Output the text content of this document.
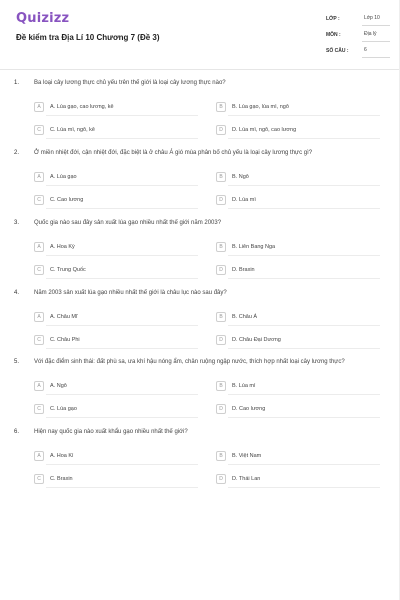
Quizizz
Đề kiểm tra Địa Lí 10 Chương 7 (Đề 3)
LỚP :	Lớp 10
MÔN :	Địa lý
SỐ CÂU :	6
1. Ba loại cây lương thực chủ yếu trên thế giới là loại cây lương thực nào?
A	A. Lúa gạo, cao lương, kê	B	B. Lúa gạo, lúa mì, ngô
C	C. Lúa mì, ngô, kê	D	D. Lúa mì, ngô, cao lương
2. Ở miền nhiệt đới, cận nhiệt đới, đặc biệt là ở châu Á gió mùa phân bố chủ yếu là loại cây lương thực gì?
A	A. Lúa gạo	B	B. Ngô
C	C. Cao lương	D	D. Lúa mì
3. Quốc gia nào sau đây sản xuất lúa gạo nhiều nhất thế giới năm 2003?
A	A. Hoa Kỳ	B	B. Liên Bang Nga
C	C. Trung Quốc	D	D. Braxin
4. Năm 2003 sản xuất lúa gạo nhiều nhất thế giới là châu lục nào sau đây?
A	A. Châu Mĩ	B	B. Châu Á
C	C. Châu Phi	D	D. Châu Đại Dương
5. Với đặc điểm sinh thái: đất phù sa, ưa khí hậu nóng ẩm, chân ruộng ngập nước, thích hợp nhất loại cây lương thực?
A	A. Ngô	B	B. Lúa mì
C	C. Lúa gạo	D	D. Cao lương
6. Hiện nay quốc gia nào xuất khẩu gạo nhiều nhất thế giới?
A	A. Hoa Kì	B	B. Việt Nam
C	C. Braxin	D	D. Thái Lan
